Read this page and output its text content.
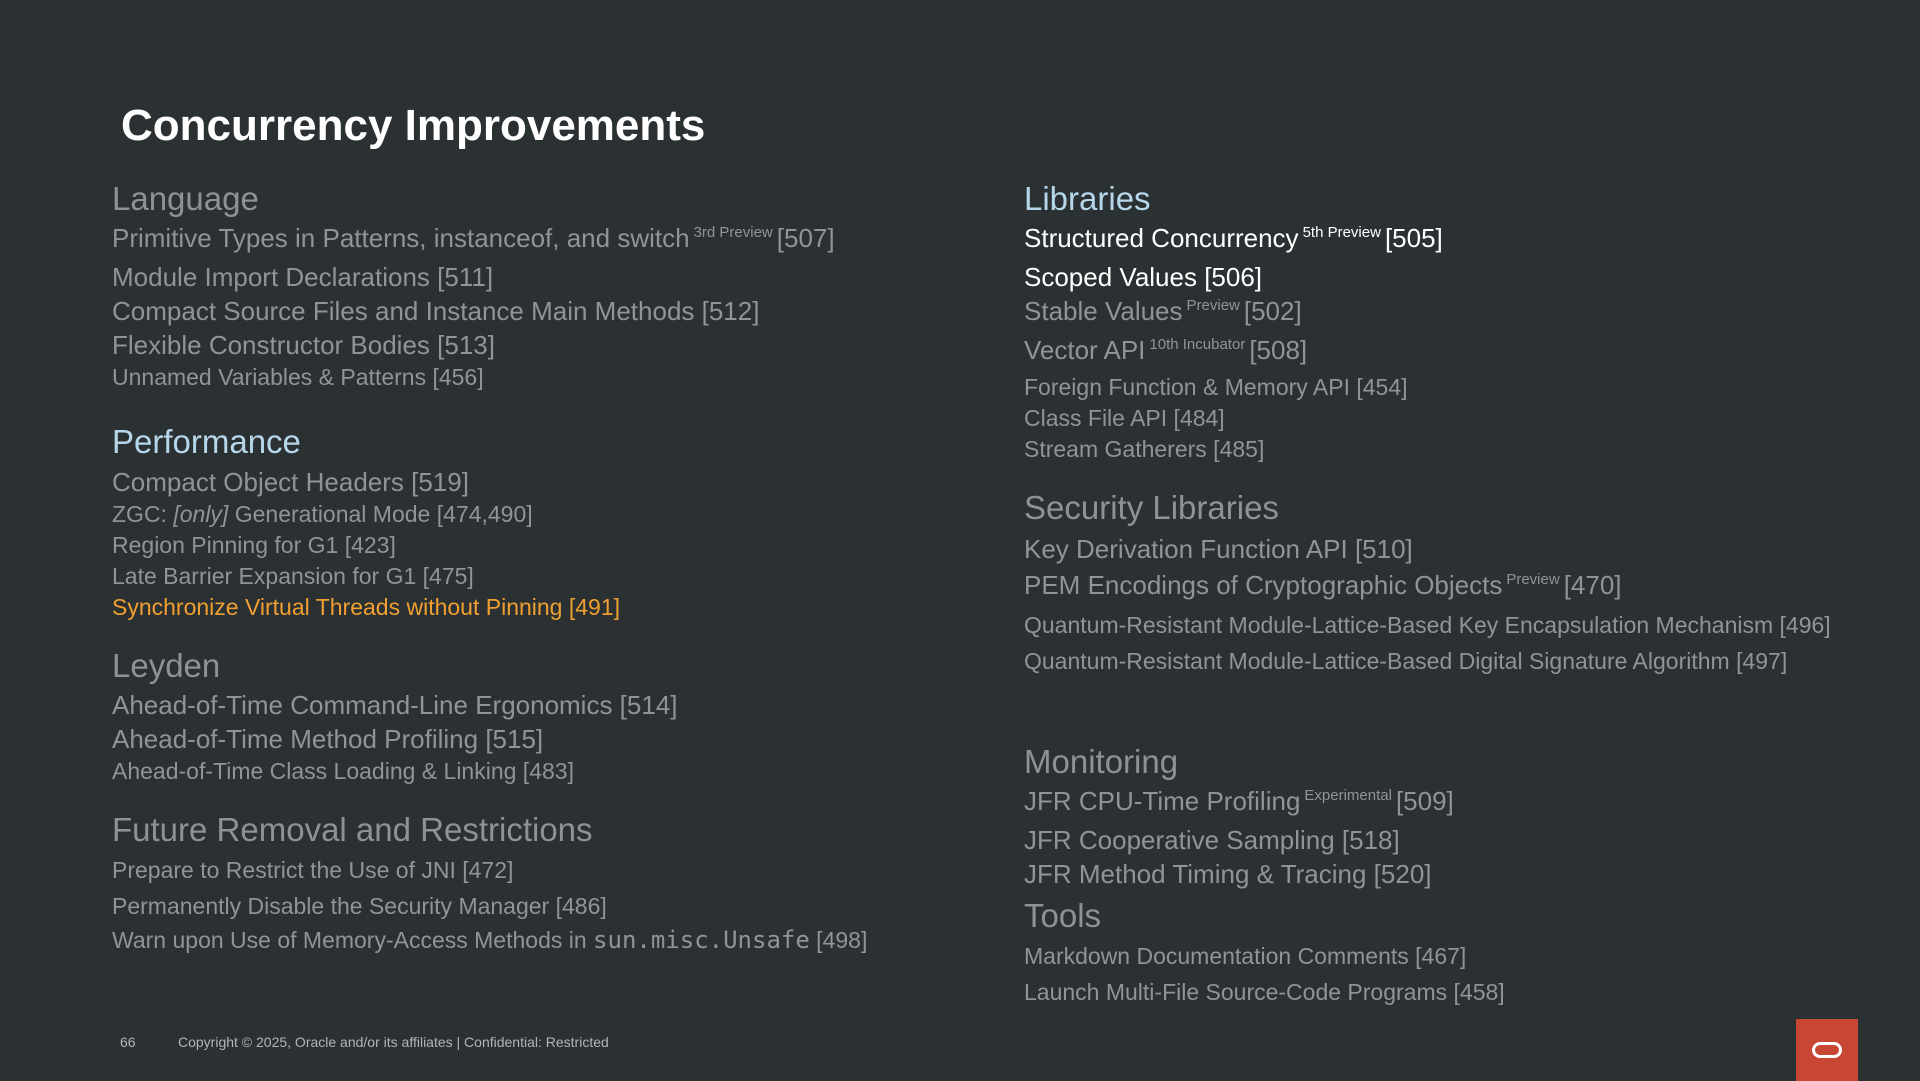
Concurrency Improvements
Language
Primitive Types in Patterns, instanceof, and switch $^{3rd Preview}$ [507]
Module Import Declarations [511]
Compact Source Files and Instance Main Methods [512]
Flexible Constructor Bodies [513]
Unnamed Variables & Patterns [456]
Performance
Compact Object Headers [519]
ZGC: [only] Generational Mode [474,490]
Region Pinning for G1 [423]
Late Barrier Expansion for G1 [475]
Synchronize Virtual Threads without Pinning [491]
Leyden
Ahead-of-Time Command-Line Ergonomics [514]
Ahead-of-Time Method Profiling [515]
Ahead-of-Time Class Loading & Linking [483]
Future Removal and Restrictions
Prepare to Restrict the Use of JNI [472]
Permanently Disable the Security Manager [486]
Warn upon Use of Memory-Access Methods in sun.misc.Unsafe [498]
Libraries
Structured Concurrency $^{5th Preview}$ [505]
Scoped Values [506]
Stable Values $^{Preview}$ [502]
Vector API $^{10th Incubator}$ [508]
Foreign Function & Memory API [454]
Class File API [484]
Stream Gatherers [485]
Security Libraries
Key Derivation Function API [510]
PEM Encodings of Cryptographic Objects $^{Preview}$ [470]
Quantum-Resistant Module-Lattice-Based Key Encapsulation Mechanism [496]
Quantum-Resistant Module-Lattice-Based Digital Signature Algorithm [497]
Monitoring
JFR CPU-Time Profiling $^{Experimental}$ [509]
JFR Cooperative Sampling [518]
JFR Method Timing & Tracing [520]
Tools
Markdown Documentation Comments [467]
Launch Multi-File Source-Code Programs [458]
66	Copyright © 2025, Oracle and/or its affiliates | Confidential: Restricted
